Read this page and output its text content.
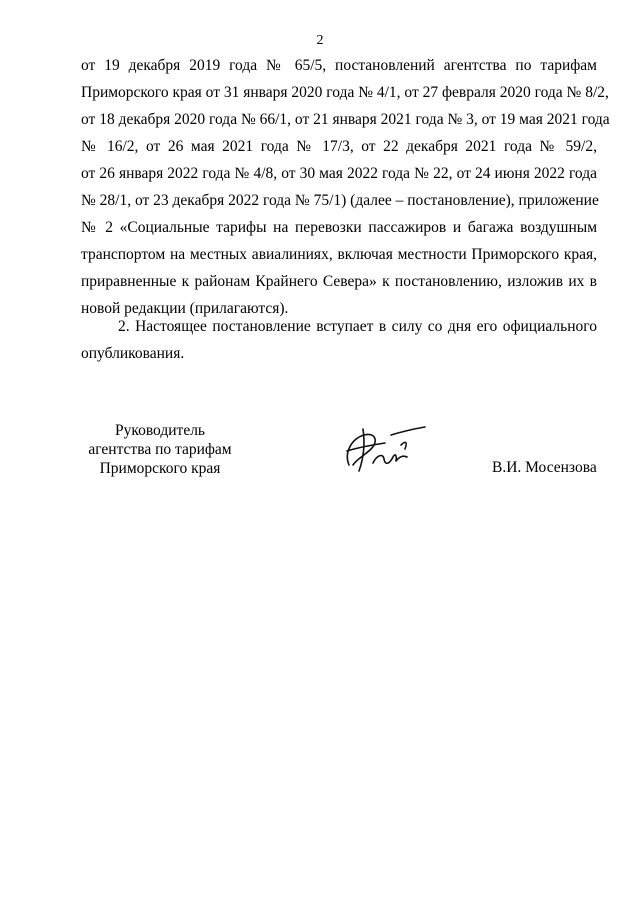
2
от 19 декабря 2019 года № 65/5, постановлений агентства по тарифам
Приморского края от 31 января 2020 года № 4/1, от 27 февраля 2020 года № 8/2,
от 18 декабря 2020 года № 66/1, от 21 января 2021 года № 3, от 19 мая 2021 года
№ 16/2, от 26 мая 2021 года № 17/3, от 22 декабря 2021 года № 59/2,
от 26 января 2022 года № 4/8, от 30 мая 2022 года № 22, от 24 июня 2022 года
№ 28/1, от 23 декабря 2022 года № 75/1) (далее – постановление), приложение
№ 2 «Социальные тарифы на перевозки пассажиров и багажа воздушным
транспортом на местных авиалиниях, включая местности Приморского края,
приравненные к районам Крайнего Севера» к постановлению, изложив их в
новой редакции (прилагаются).
2. Настоящее постановление вступает в силу со дня его официального
опубликования.
Руководитель
агентства по тарифам
Приморского края	В.И. Мосензова
